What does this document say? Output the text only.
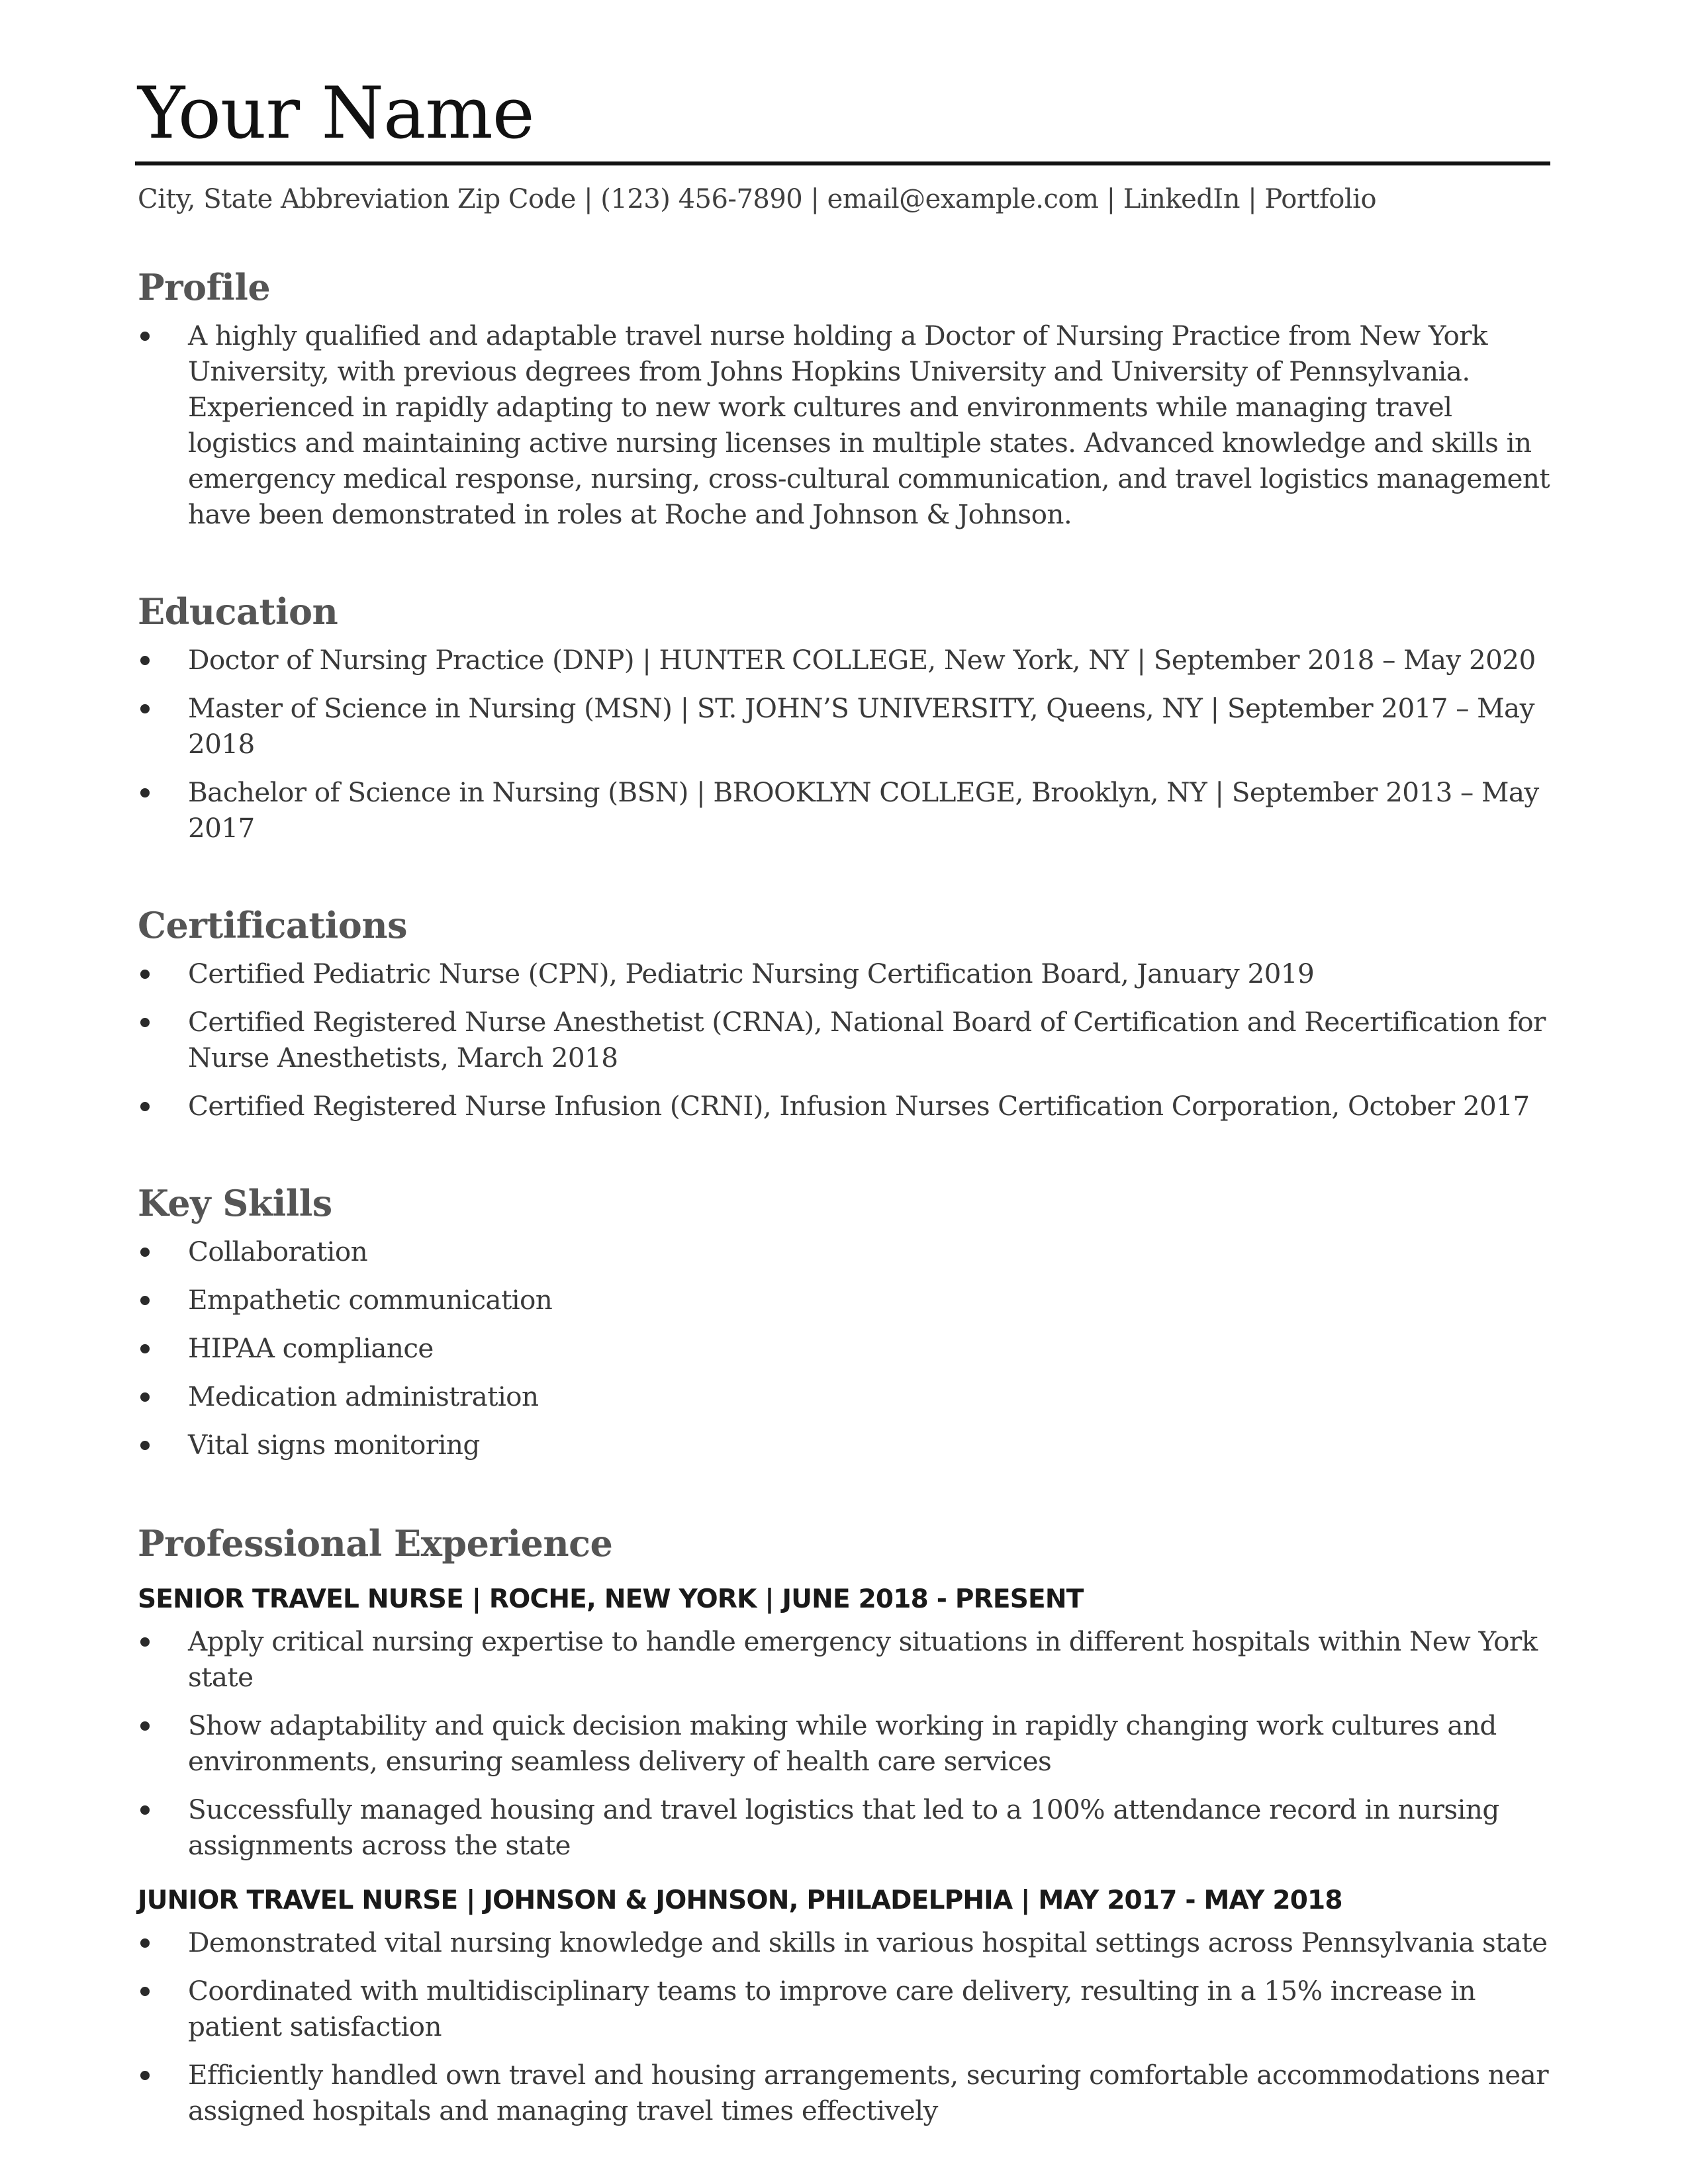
Your Name
City, State Abbreviation Zip Code | (123) 456-7890 | email@example.com | LinkedIn | Portfolio
Profile
A highly qualified and adaptable travel nurse holding a Doctor of Nursing Practice from New York University, with previous degrees from Johns Hopkins University and University of Pennsylvania. Experienced in rapidly adapting to new work cultures and environments while managing travel logistics and maintaining active nursing licenses in multiple states. Advanced knowledge and skills in emergency medical response, nursing, cross-cultural communication, and travel logistics management have been demonstrated in roles at Roche and Johnson & Johnson.
Education
Doctor of Nursing Practice (DNP) | HUNTER COLLEGE, New York, NY | September 2018 – May 2020
Master of Science in Nursing (MSN) | ST. JOHN’S UNIVERSITY, Queens, NY | September 2017 – May 2018
Bachelor of Science in Nursing (BSN) | BROOKLYN COLLEGE, Brooklyn, NY | September 2013 – May 2017
Certifications
Certified Pediatric Nurse (CPN), Pediatric Nursing Certification Board, January 2019
Certified Registered Nurse Anesthetist (CRNA), National Board of Certification and Recertification for Nurse Anesthetists, March 2018
Certified Registered Nurse Infusion (CRNI), Infusion Nurses Certification Corporation, October 2017
Key Skills
Collaboration
Empathetic communication
HIPAA compliance
Medication administration
Vital signs monitoring
Professional Experience
SENIOR TRAVEL NURSE | ROCHE, NEW YORK | JUNE 2018 - PRESENT
Apply critical nursing expertise to handle emergency situations in different hospitals within New York state
Show adaptability and quick decision making while working in rapidly changing work cultures and environments, ensuring seamless delivery of health care services
Successfully managed housing and travel logistics that led to a 100% attendance record in nursing assignments across the state
JUNIOR TRAVEL NURSE | JOHNSON & JOHNSON, PHILADELPHIA | MAY 2017 - MAY 2018
Demonstrated vital nursing knowledge and skills in various hospital settings across Pennsylvania state
Coordinated with multidisciplinary teams to improve care delivery, resulting in a 15% increase in patient satisfaction
Efficiently handled own travel and housing arrangements, securing comfortable accommodations near assigned hospitals and managing travel times effectively
